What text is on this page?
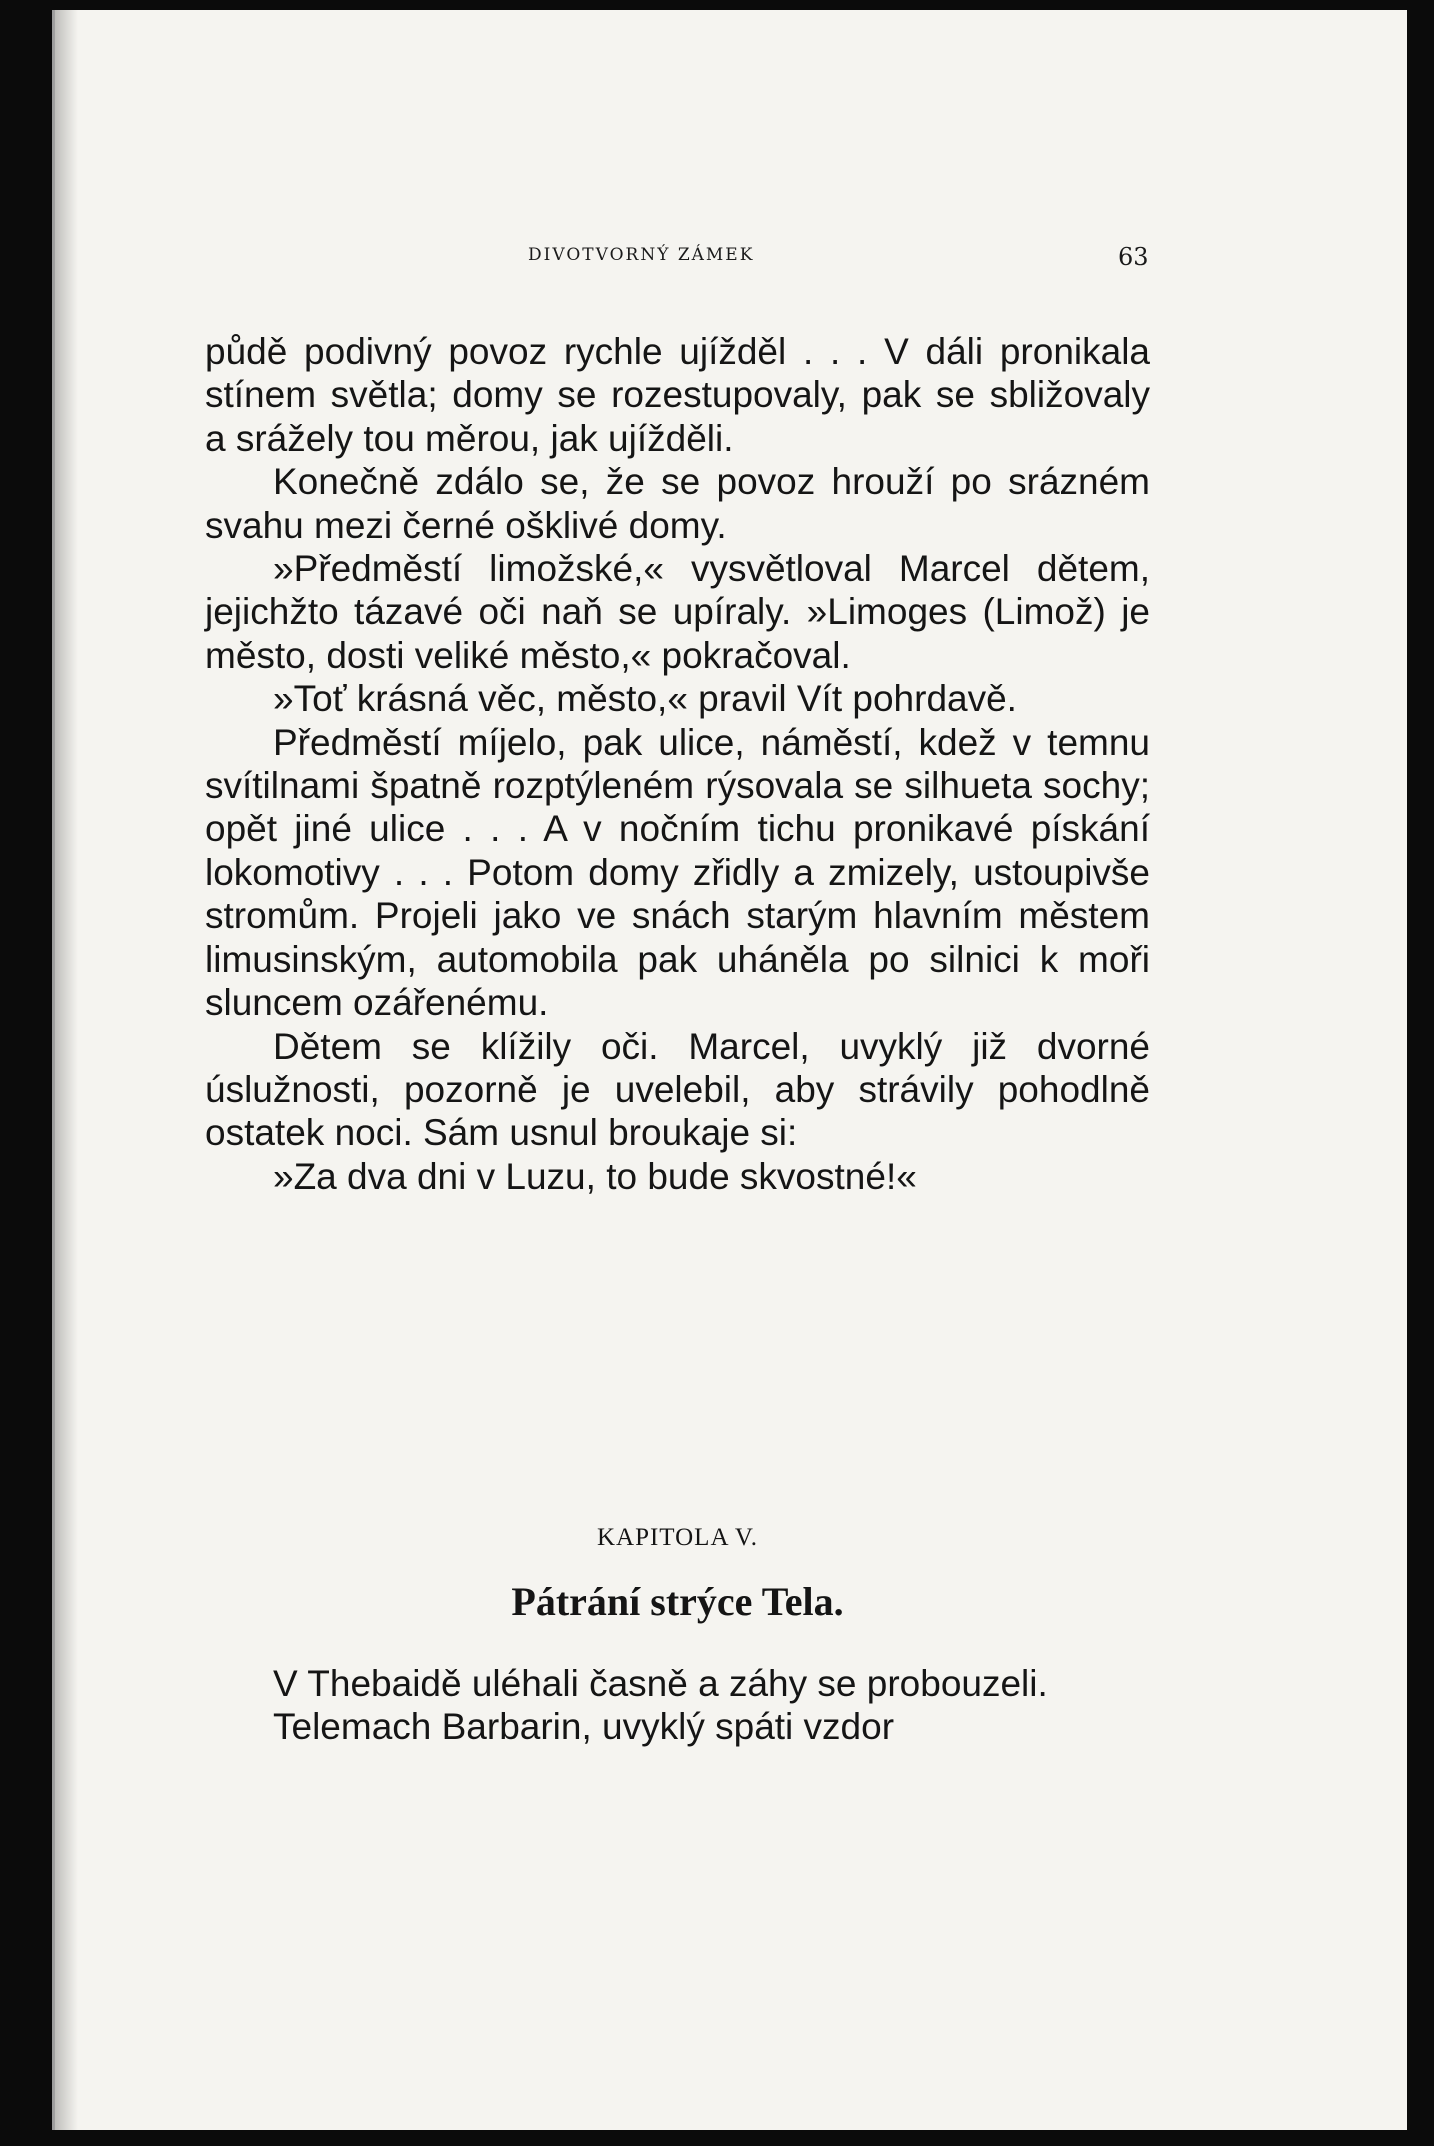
DIVOTVORNÝ ZÁMEK	63

půdě podivný povoz rychle ujížděl . . . V dáli pronikala stínem světla; domy se rozestupovaly, pak se sbližovaly a srážely tou měrou, jak ujížděli.

Konečně zdálo se, že se povoz hrouží po srázném svahu mezi černé ošklivé domy.

»Předměstí limožské,« vysvětloval Marcel dětem, jejichžto tázavé oči naň se upíraly. »Limoges (Limož) je město, dosti veliké město,« pokračoval.

»Toť krásná věc, město,« pravil Vít pohrdavě.

Předměstí míjelo, pak ulice, náměstí, kdež v temnu svítilnami špatně rozptýleném rýsovala se silhueta sochy; opět jiné ulice . . . A v nočním tichu pronikavé pískání lokomotivy . . . Potom domy zřidly a zmizely, ustoupivše stromům. Projeli jako ve snách starým hlavním městem limusinským, automobila pak uháněla po silnici k moři sluncem ozářenému.

Dětem se klížily oči. Marcel, uvyklý již dvorné úslužnosti, pozorně je uvelebil, aby strávily pohodlně ostatek noci. Sám usnul broukaje si:

»Za dva dni v Luzu, to bude skvostné!«

KAPITOLA V.
Pátrání strýce Tela.

V Thebaidě uléhali časně a záhy se probouzeli.

Telemach Barbarin, uvyklý spáti vzdor
